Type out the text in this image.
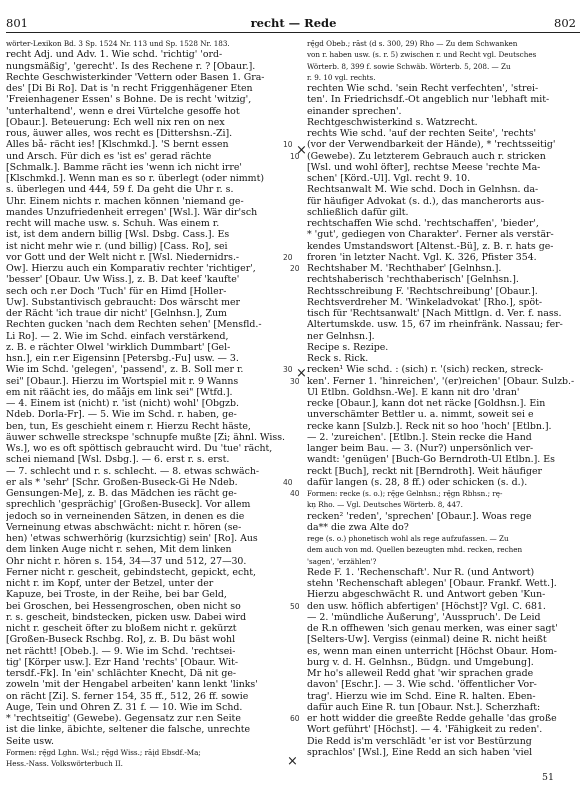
801	recht — Rede	802
wörter-Lexikon Bd. 3 Sp. 1524 Nr. 113 und Sp. 1528 Nr. 183.
recht Adj. und Adv. 1. Wie schd. 'richtig' 'ord-
nungsmäßig', 'gerecht'. Is des Rechene r. ? [Obaur.].
Rechte Geschwisterkinder 'Vettern oder Basen 1. Gra-
des' [Di Bi Ro]. Dat is 'n recht Friggenhägener Eten
'Freienhagener Essen' s Bohne. De is recht 'witzig',
'unterhaltend', wenn e drei Vürtelche gesoffe hot
[Obaur.]. Beteuerung: Ech well nix ren on nex
rous, äuwer alles, wos recht es [Dittershsn.-Zi].
Alles bå- rächt ies! [Klschmkd.]. 'S bernt essen
und Arsch. Für dich es 'ist es' gerad rächte
[Schmalk.]. Bamme rächt ies 'wenn ich nicht irre'
[Klschmkd.]. Wenn man es so r. überlegt (oder nimmt)
s. überlegen und 444, 59 f. Da geht die Uhr r. s.
Uhr. Einem nichts r. machen können 'niemand ge-
mandes Unzufriedenheit erregen' [Wsl.]. Wär dir'sch
recht will mache usw. s. Schuh. Was einem r.
ist, ist dem andern billig [Wsl. Dsbg. Cass.]. Es
ist nicht mehr wie r. (und billig) [Cass. Ro], sei
vor Gott und der Welt nicht r. [Wsl. Niedernidrs.-
Ow]. Hierzu auch ein Komparativ rechter 'richtiger',
'besser' [Obaur. Uw Wiss.], z. B. Dat keef 'kaufte'
sech och r.er Doch 'Tuch' für en Himd [Holler-
Uw]. Substantivisch gebraucht: Dos wärscht mer
der Rächt 'ich traue dir nicht' [Gelnhsn.], Zum
Rechten gucken 'nach dem Rechten sehen' [Mensfld.-
Li Ro]. — 2. Wie im Schd. einfach verstärkend,
z. B. e rächter Olwel 'wirklich Dummbart' [Gel-
hsn.], ein r.er Eigensinn [Petersbg.-Fu] usw. — 3.
Wie im Schd. 'gelegen', 'passend', z. B. Soll mer r.
sei" [Obaur.]. Hierzu im Wortspiel mit r. 9 Wanns
em nit räächt ies, do mååjs em link sei" [Wtfd.].
— 4. Einem ist (nicht) r. 'ist (nicht) wohl' [Obgzb.
Ndeb. Dorla-Fr]. — 5. Wie im Schd. r. haben, ge-
ben, tun, Es geschieht einem r. Hierzu Recht häste,
äuwer schwelle streckspe 'schnupfe mußte [Zi; ähnl. Wiss.
Ws.], wo es oft spöttisch gebraucht wird. Du 'tue' rächt,
schei niemand [Wsl. Dsbg.]. — 6. erst r. s. erst.
— 7. schlecht und r. s. schlecht. — 8. etwas schwäch-
er als * 'sehr' [Schr. Großen-Buseck-Gi He Ndeb.
Gensungen-Me], z. B. das Mädchen ies rächt ge-
sprechlich 'gesprächig' [Großen-Buseck]. Vor allem
jedoch so in verneinenden Sätzen, in denen es die
Verneinung etwas abschwächt: nicht r. hören (se-
hen) 'etwas schwerhörig (kurzsichtig) sein' [Ro]. Aus
dem linken Auge nicht r. sehen, Mit dem linken
Ohr nicht r. hören s. 154, 34—37 und 512, 27—30.
Ferner nicht r. gescheit, gebindstecht, gepickt, echt,
nicht r. im Kopf, unter der Betzel, unter der
Kapuze, bei Troste, in der Reihe, bei bar Geld,
bei Groschen, bei Hessengroschen, oben nicht so
r. s. gescheit, bindstecken, picken usw. Dabei wird
nicht r. gescheit öfter zu bloßem nicht r. gekürzt
[Großen-Buseck Rschbg. Ro], z. B. Du bäst wohl
net rächtt! [Obeb.]. — 9. Wie im Schd. 'rechtsei-
tig' [Körper usw.]. Ezr Hand 'rechts' [Obaur. Wit-
tersdf.-Fk]. In 'ein' schlächter Knecht, Dä nit ge-
zoweln 'mit der Hengabel arbeiten' kann lenkt 'links'
on rächt [Zi]. S. ferner 154, 35 ff., 512, 26 ff. sowie
Auge, Tein und Ohren Z. 31 f. — 10. Wie im Schd.
* 'rechtseitig' (Gewebe). Gegensatz zur r.en Seite
ist die linke, äbichte, seltener die falsche, unrechte
Seite usw.
Formen: rę̄gd Lghn. Wsl.; rę̄gd Wiss.; rāįd Ebsdf.-Ma;
Hess.-Nass. Volkswörterbuch II.
rę̄gd Obeb.; rāst (d s. 300, 29) Rho — Zu dem Schwanken
von r. haben usw. (s. r. 5) zwischen r. und Recht vgl. Deutsches
Wörterb. 8, 399 f. sowie Schwäb. Wörterb. 5, 208. — Zu
r. 9. 10 vgl. rechts.
rechten Wie schd. 'sein Recht verfechten', 'strei-
ten'. In Friedrichsdf.-Ot angeblich nur 'lebhaft mit-
einander sprechen'.
Rechtgeschwisterkind s. Watzrecht.
rechts Wie schd. 'auf der rechten Seite', 'rechts'
(vor der Verwendbarkeit der Hände), * 'rechtsseitig'
(Gewebe). Zu letzterem Gebrauch auch r. stricken
[Wsl. und wohl öfter], rechtse Meese 'rechte Ma-
schen' [Körd.-Ul]. Vgl. recht 9. 10.
Rechtsanwalt M. Wie schd. Doch in Gelnhsn. da-
für häufiger Advokat (s. d.), das mancherorts aus-
schließlich dafür gilt.
rechtschaffen Wie schd. 'rechtschaffen', 'bieder',
* 'gut', gediegen von Charakter'. Ferner als verstär-
kendes Umstandswort [Altenst.-Bü], z. B. r. hats ge-
froren 'in letzter Nacht. Vgl. K. 326, Pfister 354.
Rechtshaber M. 'Rechthaber' [Gelnhsn.].
rechtshaberisch 'rechthaberisch' [Gelnhsn.].
Rechtsschreibung F. 'Rechtschreibung' [Obaur.].
Rechtsverdreher M. 'Winkeladvokat' [Rho.], spöt-
tisch für 'Rechtsanwalt' [Nach Mittlgn. d. Ver. f. nass.
Altertumskde. usw. 15, 67 im rheinfränk. Nassau; fer-
ner Gelnhsn.].
Recipe s. Rezipe.
Reck s. Rick.
recken¹ Wie schd. : (sich) r. '(sich) recken, streck-
ken'. Ferner 1. 'hinreichen', '(er)reichen' [Obaur. Sulzb.-
Ul Etlbn. Goldhsn.-We]. E kann nit dro 'dran'
recke [Obaur.], kann dot net räcke [Goldhsn.]. Ein
unverschämter Bettler u. a. nimmt, soweit sei e
recke kann [Sulzb.]. Reck nit so hoo 'hoch' [Etlbn.].
— 2. 'zureichen'. [Etlbn.]. Stein recke die Hand
langer beim Bau. — 3. (Nur?) unpersönlich ver-
wandt: 'genügen' [Buch-Go Berndroth-Ul Etlbn.]. Es
reckt [Buch], reckt nit [Berndroth]. Weit häufiger
dafür langen (s. 28, 8 ff.) oder schicken (s. d.).
Formen: recke (s. o.); rę̄ge Gelnhsn.; rę̄gn Rbhsn.; rę-
kņ Rho. — Vgl. Deutsches Wörterb. 8, 447.
recken² 'reden', 'sprechen' [Obaur.]. Woas rege
da** die zwa Alte do?
rege (s. o.) phonetisch wohl als rege aufzufassen. — Zu
dem auch von md. Quellen bezeugten mhd. recken, rechen
'sagen', 'erzählen'?
Rede F. 1. 'Rechenschaft'. Nur R. (und Antwort)
stehn 'Rechenschaft ablegen' [Obaur. Frankf. Wett.].
Hierzu abgeschwächt R. und Antwort geben 'Kun-
den usw. höflich abfertigen' [Höchst]? Vgl. C. 681.
— 2. 'mündliche Äußerung', 'Ausspruch'. De Leid
de R.n offhewen 'sich genau merken, was einer sagt'
[Selters-Uw]. Vergiss (einmal) deine R. nicht heißt
es, wenn man einen unterricht [Höchst Obaur. Hom-
burg v. d. H. Gelnhsn., Büdgn. und Umgebung].
Mr ho's alleweil Redd ghat 'wir sprachen grade
davon' [Eschr.]. — 3. Wie schd. 'öffentlicher Vor-
trag'. Hierzu wie im Schd. Eine R. halten. Eben-
dafür auch Eine R. tun [Obaur. Nst.]. Scherzhaft:
er hott widder die greeßte Redde gehalle 'das große
Wort geführt' [Höchst]. — 4. 'Fähigkeit zu reden'.
Die Redd is'm verschlädt 'er ist vor Bestürzung
sprachlos' [Wsl.], Eine Redd an sich haben 'viel
10
20
30
40
50
60
10
20
30
40
×
×
×
51
